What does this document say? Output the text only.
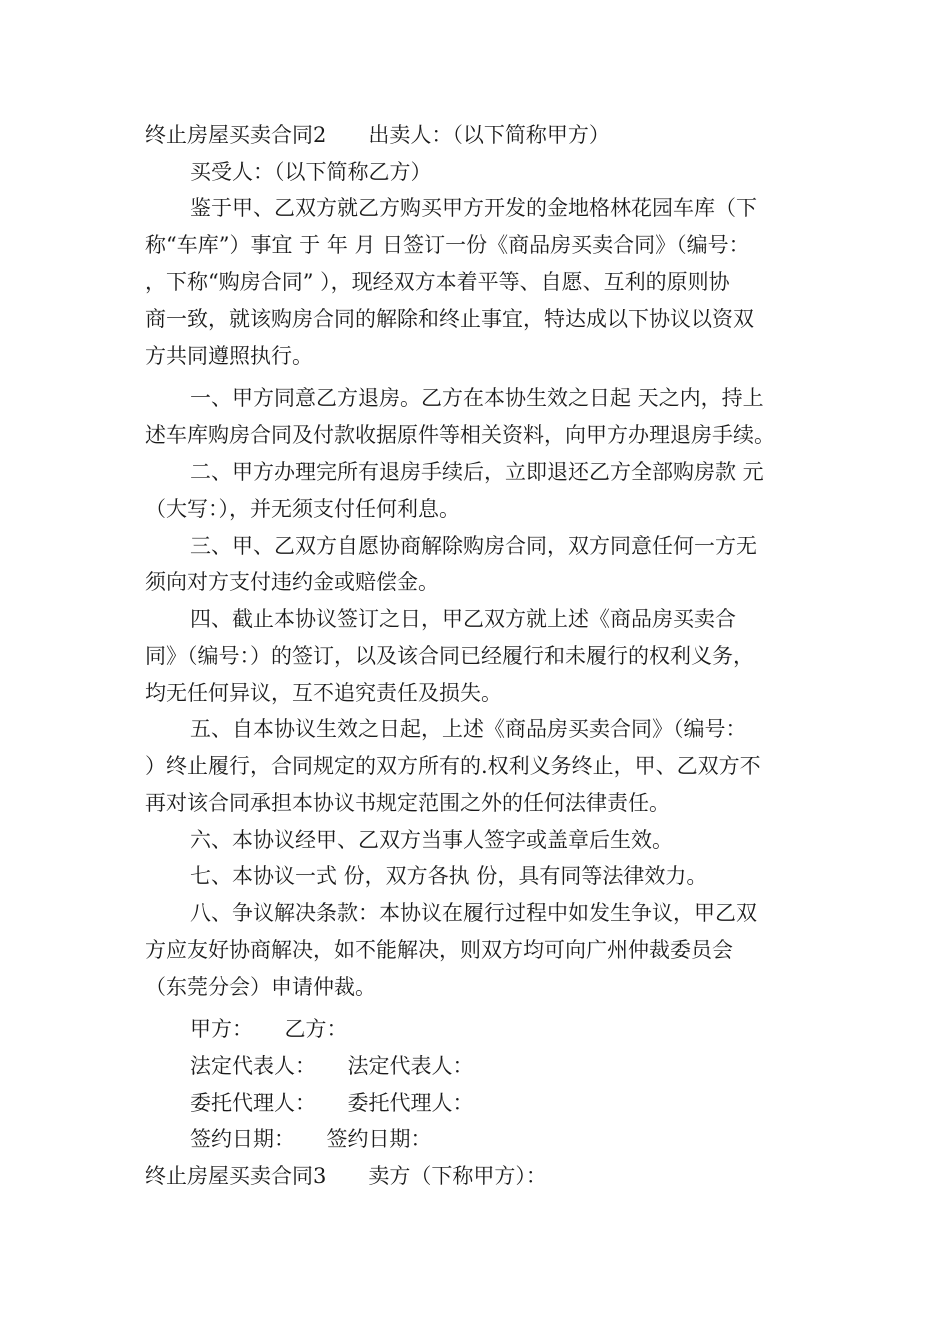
终止房屋买卖合同2　　出卖人：（以下简称甲方）
买受人：（以下简称乙方）
鉴于甲、乙双方就乙方购买甲方开发的金地格林花园车库（下
称“车库”）事宜 于 年 月 日签订一份《商品房买卖合同》（编号：
，下称“购房合同” ），现经双方本着平等、自愿、互利的原则协
商一致，就该购房合同的解除和终止事宜，特达成以下协议以资双
方共同遵照执行。
一、甲方同意乙方退房。乙方在本协生效之日起 天之内，持上
述车库购房合同及付款收据原件等相关资料，向甲方办理退房手续。
二、甲方办理完所有退房手续后，立即退还乙方全部购房款 元
（大写：），并无须支付任何利息。
三、甲、乙双方自愿协商解除购房合同，双方同意任何一方无
须向对方支付违约金或赔偿金。
四、截止本协议签订之日，甲乙双方就上述《商品房买卖合
同》（编号：）的签订，以及该合同已经履行和未履行的权利义务，
均无任何异议，互不追究责任及损失。
五、自本协议生效之日起，上述《商品房买卖合同》（编号：
）终止履行，合同规定的双方所有的.权利义务终止，甲、乙双方不
再对该合同承担本协议书规定范围之外的任何法律责任。
六、本协议经甲、乙双方当事人签字或盖章后生效。
七、本协议一式 份，双方各执 份，具有同等法律效力。
八、争议解决条款：本协议在履行过程中如发生争议，甲乙双
方应友好协商解决，如不能解决，则双方均可向广州仲裁委员会
（东莞分会）申请仲裁。
甲方：　　乙方：
法定代表人：　　法定代表人：
委托代理人：　　委托代理人：
签约日期：　　签约日期：
终止房屋买卖合同3　　卖方（下称甲方）：
